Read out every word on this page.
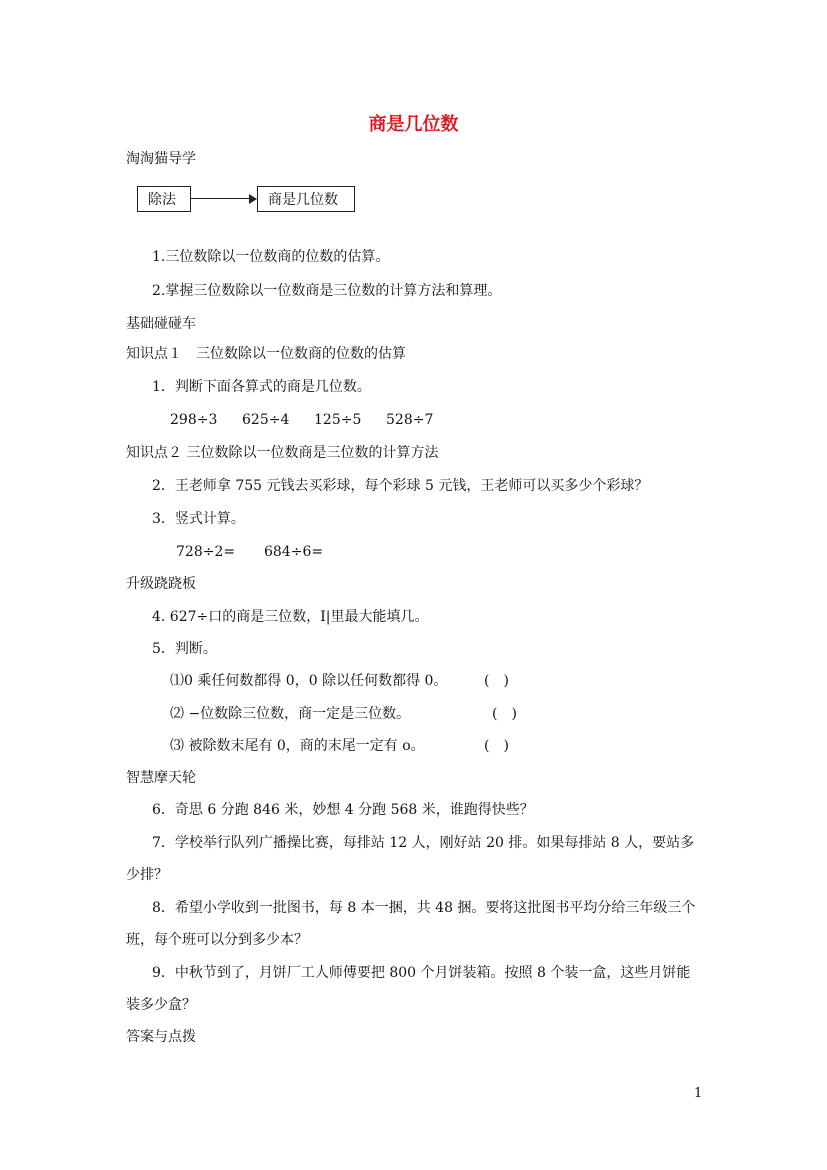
商是几位数
淘淘猫导学
除法	商是几位数
1.三位数除以一位数商的位数的估算。
2.掌握三位数除以一位数商是三位数的计算方法和算理。
基础碰碰车
知识点１　三位数除以一位数商的位数的估算
1．判断下面各算式的商是几位数。
298÷3 625÷4 125÷5 528÷7
知识点２ 三位数除以一位数商是三位数的计算方法
2．王老师拿 755 元钱去买彩球，每个彩球 5 元钱，王老师可以买多少个彩球？
3．竖式计算。
728÷2= 684÷6=
升级跷跷板
4. 627÷口的商是三位数，I|里最大能填几。
5．判断。
⑴0 乘任何数都得 0，0 除以任何数都得 0。	(　)
⑵ −位数除三位数，商一定是三位数。	(　)
⑶ 被除数末尾有 0，商的末尾一定有 o。	(　)
智慧摩天轮
6．奇思 6 分跑 846 米，妙想 4 分跑 568 米，谁跑得快些？
7．学校举行队列广播操比赛，每排站 12 人，刚好站 20 排。如果每排站 8 人，要站多
少排？
8．希望小学收到一批图书，每 8 本一捆，共 48 捆。要将这批图书平均分给三年级三个
班，每个班可以分到多少本？
9．中秋节到了，月饼厂工人师傅要把 800 个月饼装箱。按照 8 个装一盒，这些月饼能
装多少盒？
答案与点拨
1
